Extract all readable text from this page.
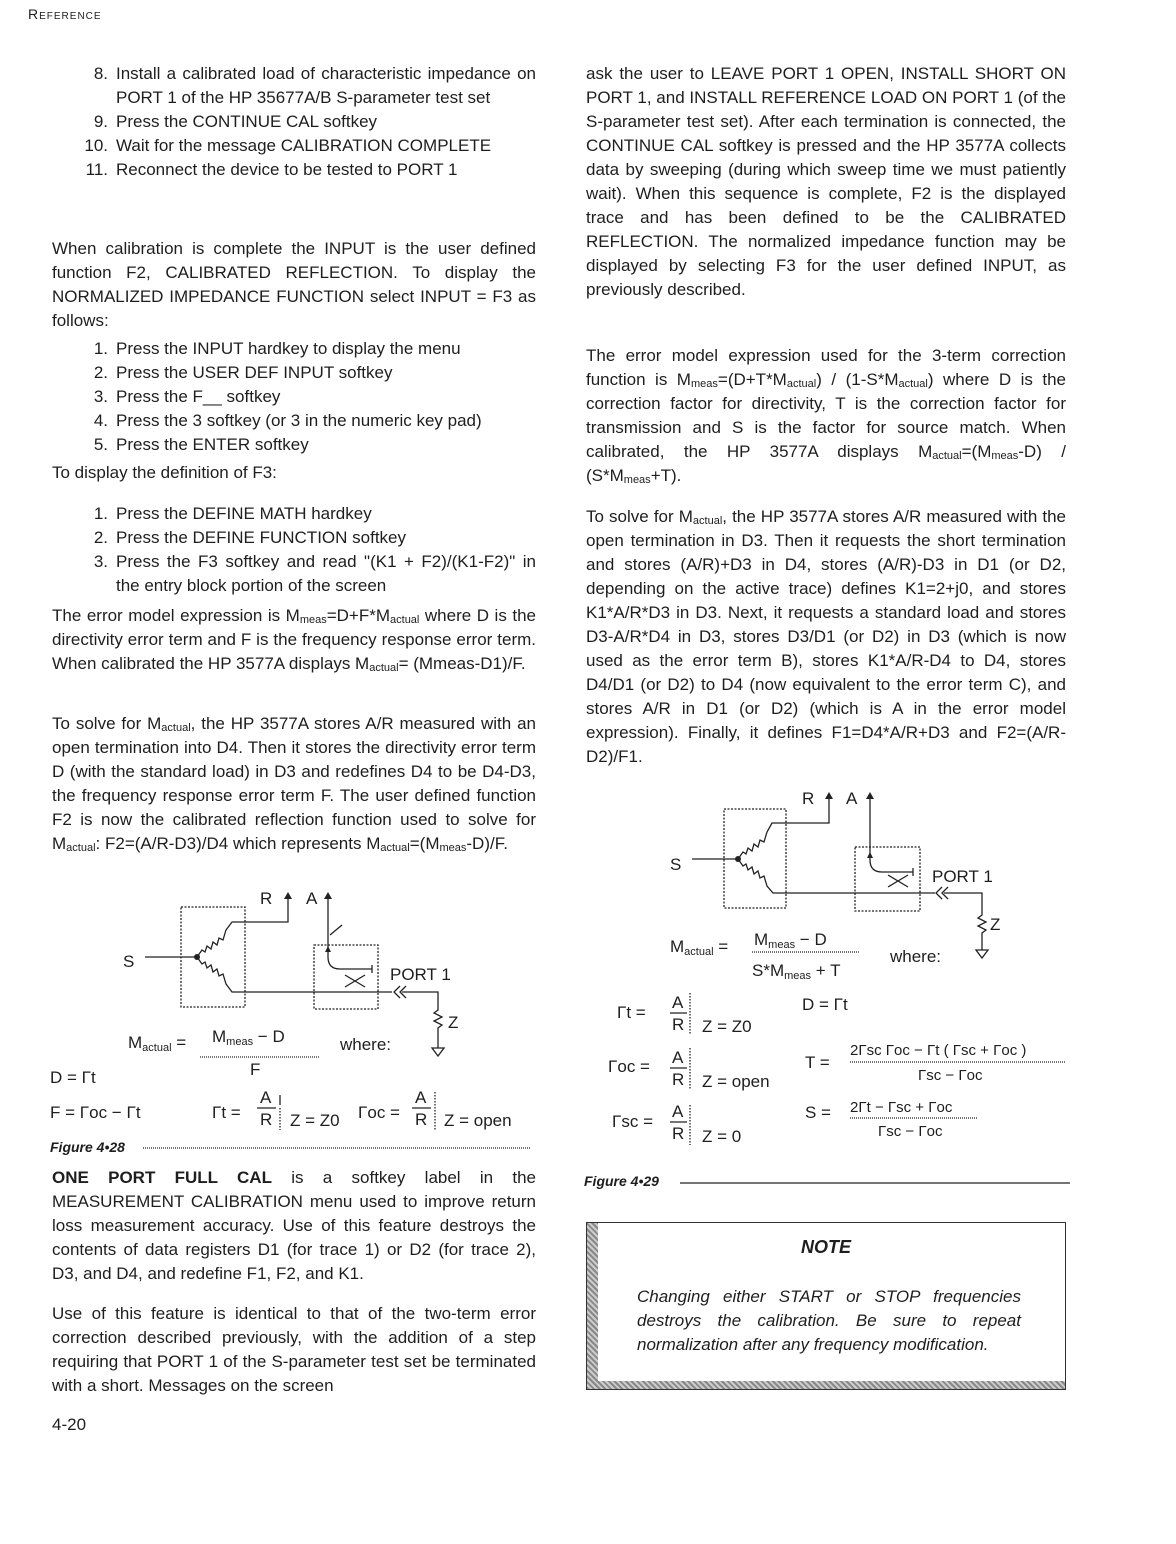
Reference
8. Install a calibrated load of characteristic impedance on PORT 1 of the HP 35677A/B S-parameter test set
9. Press the CONTINUE CAL softkey
10. Wait for the message CALIBRATION COMPLETE
11. Reconnect the device to be tested to PORT 1

When calibration is complete the INPUT is the user defined function F2, CALIBRATED REFLECTION. To display the NORMALIZED IMPEDANCE FUNCTION select INPUT = F3 as follows:

1. Press the INPUT hardkey to display the menu
2. Press the USER DEF INPUT softkey
3. Press the F__ softkey
4. Press the 3 softkey (or 3 in the numeric key pad)
5. Press the ENTER softkey

To display the definition of F3:

1. Press the DEFINE MATH hardkey
2. Press the DEFINE FUNCTION softkey
3. Press the F3 softkey and read "(K1 + F2)/(K1-F2)" in the entry block portion of the screen

The error model expression is $M_{meas}=D+F*M_{actual}$ where D is the directivity error term and F is the frequency response error term. When calibrated the HP 3577A displays $M_{actual}=$ (Mmeas-D1)/F.

To solve for $M_{actual}$, the HP 3577A stores A/R measured with an open termination into D4. Then it stores the directivity error term D (with the standard load) in D3 and redefines D4 to be D4-D3, the frequency response error term F. The user defined function F2 is now the calibrated reflection function used to solve for $M_{actual}$: F2=(A/R-D3)/D4 which represents $M_{actual}=(M_{meas}-D)/F$.

ONE PORT FULL CAL is a softkey label in the MEASUREMENT CALIBRATION menu used to improve return loss measurement accuracy. Use of this feature destroys the contents of data registers D1 (for trace 1) or D2 (for trace 2), D3, and D4, and redefine F1, F2, and K1.

Use of this feature is identical to that of the two-term error correction described previously, with the addition of a step requiring that PORT 1 of the S-parameter test set be terminated with a short. Messages on the screen

R A
S
PORT 1
Z
Mactual = Mmeas − D
F
where:
D = Γt
F = Γoc − Γt	Γt =
A
R Z = Z0 Γoc =
A
R Z = open
Figure 4•28

ask the user to LEAVE PORT 1 OPEN, INSTALL SHORT ON PORT 1, and INSTALL REFERENCE LOAD ON PORT 1 (of the S-parameter test set). After each termination is connected, the CONTINUE CAL softkey is pressed and the HP 3577A collects data by sweeping (during which sweep time we must patiently wait). When this sequence is complete, F2 is the displayed trace and has been defined to be the CALIBRATED REFLECTION. The normalized impedance function may be displayed by selecting F3 for the user defined INPUT, as previously described.

The error model expression used for the 3-term correction function is $M_{meas}=(D+T*M_{actual}) / (1-S*M_{actual})$ where D is the correction factor for directivity, T is the correction factor for transmission and S is the factor for source match. When calibrated, the HP 3577A displays $M_{actual}=(M_{meas}-D) / (S*M_{meas}+T)$.

To solve for $M_{actual}$, the HP 3577A stores A/R measured with the open termination in D3. Then it requests the short termination and stores (A/R)+D3 in D4, stores (A/R)-D3 in D1 (or D2, depending on the active trace) defines K1=2+j0, and stores K1*A/R*D3 in D3. Next, it requests a standard load and stores D3-A/R*D4 in D3, stores D3/D1 (or D2) in D3 (which is now used as the error term B), stores K1*A/R-D4 to D4, stores D4/D1 (or D2) to D4 (now equivalent to the error term C), and stores A/R in D1 (or D2) (which is A in the error model expression). Finally, it defines F1=D4*A/R+D3 and F2=(A/R-D2)/F1.

R A
S
PORT 1
Z
Mactual = Mmeas − D
S*Mmeas + T
where:
Γt =
A
R Z = Z0
Γoc = A
R Z = open
Γsc =
A
R Z = 0
D = Γt
T =
2Γsc Γoc − Γt ( Γsc + Γoc )
Γsc − Γoc
S = 2Γt − Γsc + Γoc
Γsc − Γoc
Figure 4•29
NOTE
Changing either START or STOP frequencies destroys the calibration. Be sure to repeat normalization after any frequency modification.
4-20
